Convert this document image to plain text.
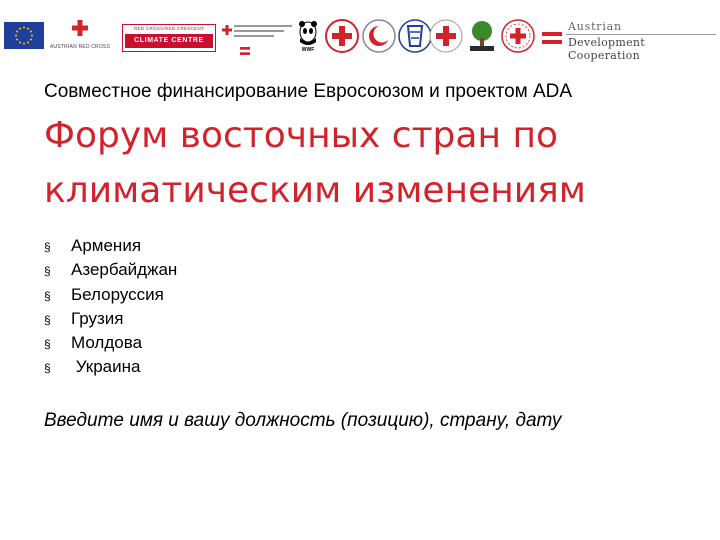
AUSTRIAN RED CROSS
RED CROSS/RED CRESCENT
CLIMATE CENTRE
WWF
Austrian
Development Cooperation
Совместное финансирование Евросоюзом и проектом ADA
Форум восточных стран по климатическим изменениям
§ Армения
§ Азербайджан
§ Белоруссия
§ Грузия
§ Молдова
§ Украина
Введите имя и вашу должность (позицию), страну, дату
